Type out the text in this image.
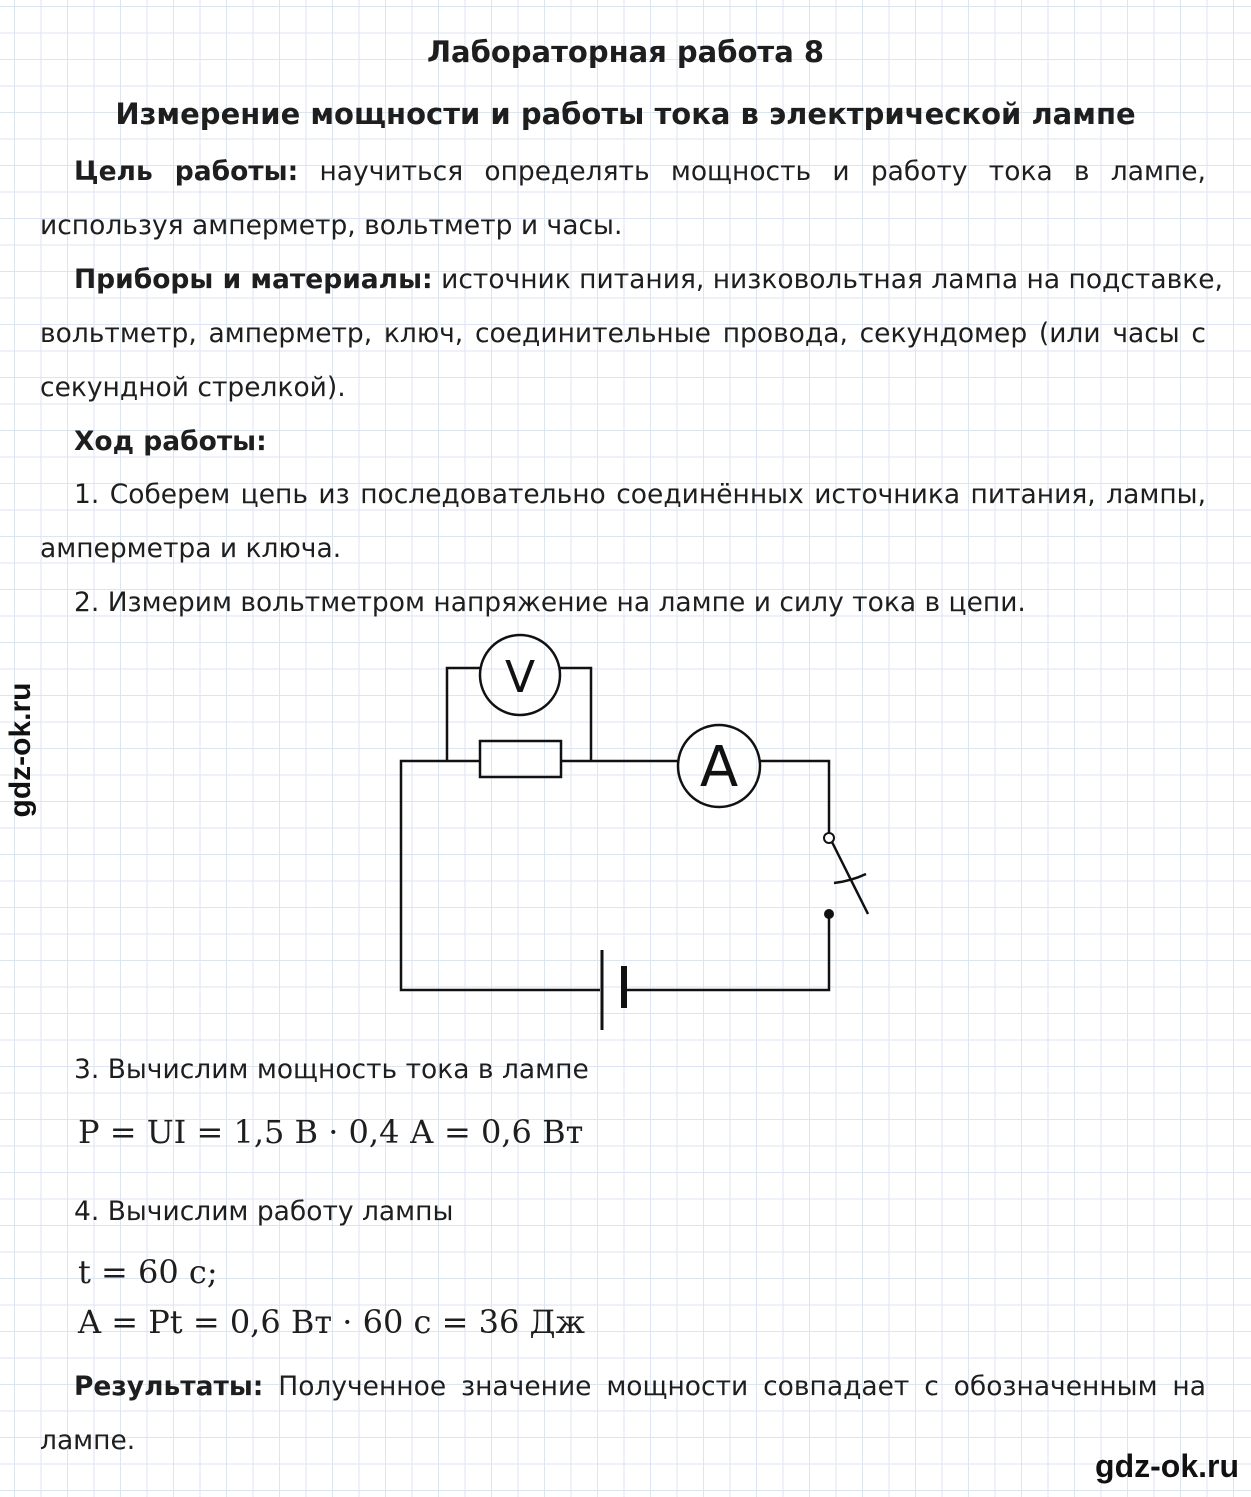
Лабораторная работа 8
Измерение мощности и работы тока в электрической лампе
Цель работы: научиться определять мощность и работу тока в лампе,
используя амперметр, вольтметр и часы.
Приборы и материалы: источник питания, низковольтная лампа на подставке,
вольтметр, амперметр, ключ, соединительные провода, секундомер (или часы с
секундной стрелкой).
Ход работы:
1. Соберем цепь из последовательно соединённых источника питания, лампы,
амперметра и ключа.
2. Измерим вольтметром напряжение на лампе и силу тока в цепи.
V
A
3. Вычислим мощность тока в лампе
P = UI = 1,5 В · 0,4 А = 0,6 Вт
4. Вычислим работу лампы
t = 60 с;
A = Pt = 0,6 Вт · 60 с = 36 Дж
Результаты: Полученное значение мощности совпадает с обозначенным на
лампе.
gdz-ok.ru
gdz-ok.ru
